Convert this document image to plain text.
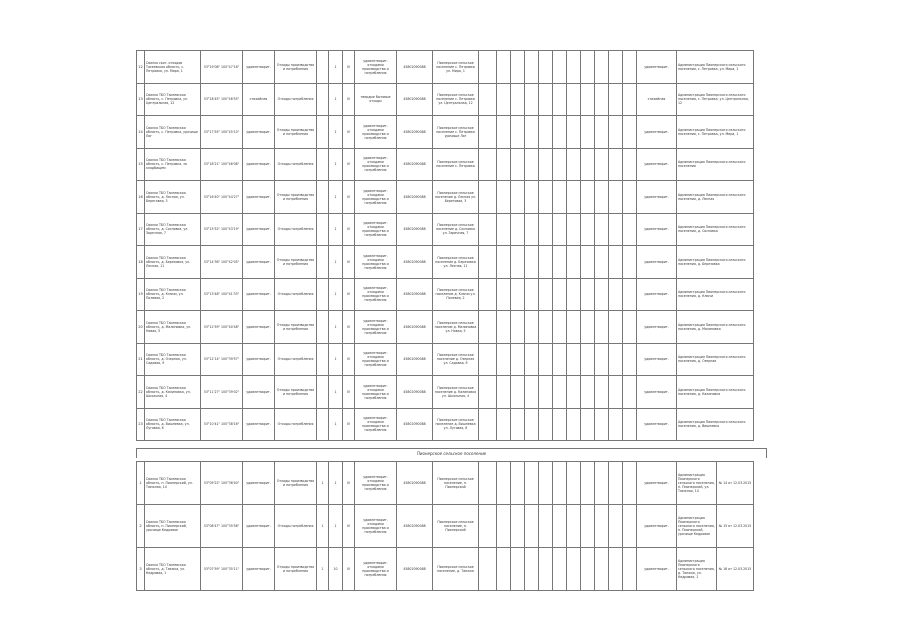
12	Свалка скот. отходов Тасеевская область, с. Петровка, ул. Мира, 1	53°19'08" 100°47'16"	удовлетворит.	Отходы производства и потребления		1	IV	удовлетворит. отходами производства и потребления	45802090088	Пионерское сельское поселение с. Петровка ул. Мира, 1												удовлетворит.	Администрация Пионерского сельского поселения, с. Петровка, ул. Мира, 1
13	Свалка ТБО Тасеевская область, с. Петровка, ул. Центральная, 12	53°18'45" 100°46'55"	стихийная	Отходы потребления		1	IV	твердые бытовые отходы	45802090088	Пионерское сельское поселение с. Петровка ул. Центральная, 12												стихийная	Администрация Пионерского сельского поселения, с. Петровка, ул. Центральная, 12
14	Свалка ТБО Тасеевская область, с. Петровка, урочище Лог	53°17'55" 100°45'10"	удовлетворит.	Отходы производства и потребления		1	IV	удовлетворит. отходами производства и потребления	45802090088	Пионерское сельское поселение с. Петровка урочище Лог												удовлетворит.	Администрация Пионерского сельского поселения, с. Петровка, ул. Мира, 1
15	Свалка ТБО Тасеевская область, с. Петровка, за кладбищем	53°18'21" 100°46'08"	удовлетворит.	Отходы потребления		1	IV	удовлетворит. отходами производства и потребления	45802090088	Пионерское сельское поселение с. Петровка												удовлетворит.	Администрация Пионерского сельского поселения
16	Свалка ТБО Тасеевская область, д. Лесная, ул. Береговая, 3	53°16'40" 100°44'27"	удовлетворит.	Отходы производства и потребления		1	IV	удовлетворит. отходами производства и потребления	45802090088	Пионерское сельское поселение д. Лесная ул. Береговая, 3												удовлетворит.	Администрация Пионерского сельского поселения, д. Лесная
17	Свалка ТБО Тасеевская область, д. Сосновка, ул. Заречная, 7	53°15'52" 100°43'19"	удовлетворит.	Отходы потребления		1	IV	удовлетворит. отходами производства и потребления	45802090088	Пионерское сельское поселение д. Сосновка ул. Заречная, 7												удовлетворит.	Администрация Пионерского сельского поселения, д. Сосновка
18	Свалка ТБО Тасеевская область, д. Березовка, ул. Лесная, 11	53°14'36" 100°42'05"	удовлетворит.	Отходы производства и потребления		1	IV	удовлетворит. отходами производства и потребления	45802090088	Пионерское сельское поселение д. Березовка ул. Лесная, 11												удовлетворит.	Администрация Пионерского сельского поселения, д. Березовка
19	Свалка ТБО Тасеевская область, д. Ключи, ул. Полевая, 2	53°13'48" 100°41'33"	удовлетворит.	Отходы потребления		1	IV	удовлетворит. отходами производства и потребления	45802090088	Пионерское сельское поселение д. Ключи ул. Полевая, 2												удовлетворит.	Администрация Пионерского сельского поселения, д. Ключи
20	Свалка ТБО Тасеевская область, д. Малиновка, ул. Новая, 5	53°12'59" 100°40'48"	удовлетворит.	Отходы производства и потребления		1	IV	удовлетворит. отходами производства и потребления	45802090088	Пионерское сельское поселение д. Малиновка ул. Новая, 5												удовлетворит.	Администрация Пионерского сельского поселения, д. Малиновка
21	Свалка ТБО Тасеевская область, д. Озерная, ул. Садовая, 9	53°12'14" 100°39'57"	удовлетворит.	Отходы потребления		1	IV	удовлетворит. отходами производства и потребления	45802090088	Пионерское сельское поселение д. Озерная ул. Садовая, 9												удовлетворит.	Администрация Пионерского сельского поселения, д. Озерная
22	Свалка ТБО Тасеевская область, д. Калиновка, ул. Школьная, 4	53°11'27" 100°39'02"	удовлетворит.	Отходы производства и потребления		1	IV	удовлетворит. отходами производства и потребления	45802090088	Пионерское сельское поселение д. Калиновка ул. Школьная, 4												удовлетворит.	Администрация Пионерского сельского поселения, д. Калиновка
23	Свалка ТБО Тасеевская область, д. Вишневка, ул. Луговая, 6	53°10'41" 100°38'16"	удовлетворит.	Отходы потребления		1	IV	удовлетворит. отходами производства и потребления	45802090088	Пионерское сельское поселение д. Вишневка ул. Луговая, 6												удовлетворит.	Администрация Пионерского сельского поселения, д. Вишневка
Пионерское сельское поселение
1	Свалка ТБО Тасеевская область, п. Пионерский, ул. Таежная, 14	53°09'22" 100°36'40"	удовлетворит.	Отходы производства и потребления	1	1	IV	удовлетворит. отходами производства и потребления	45802090088	Пионерское сельское поселение, п. Пионерский												удовлетворит.	Администрация Пионерского сельского поселения, п. Пионерский, ул. Таежная, 14	№ 14 от 12.03.2015
2	Свалка ТБО Тасеевская область, п. Пионерский, урочище Кедровое	53°08'47" 100°35'58"	удовлетворит.	Отходы потребления	1	1	IV	удовлетворит. отходами производства и потребления	45802090088	Пионерское сельское поселение, п. Пионерский												удовлетворит.	Администрация Пионерского сельского поселения, п. Пионерский, урочище Кедровое	№ 15 от 12.03.2015
3	Свалка ТБО Тасеевская область, д. Таежка, ул. Кедровая, 1	53°07'59" 100°35'11"	удовлетворит.	Отходы производства и потребления	1	10	IV	удовлетворит. отходами производства и потребления	45802090088	Пионерское сельское поселение, д. Таежка												удовлетворит.	Администрация Пионерского сельского поселения, д. Таежка, ул. Кедровая, 1	№ 16 от 12.03.2015
